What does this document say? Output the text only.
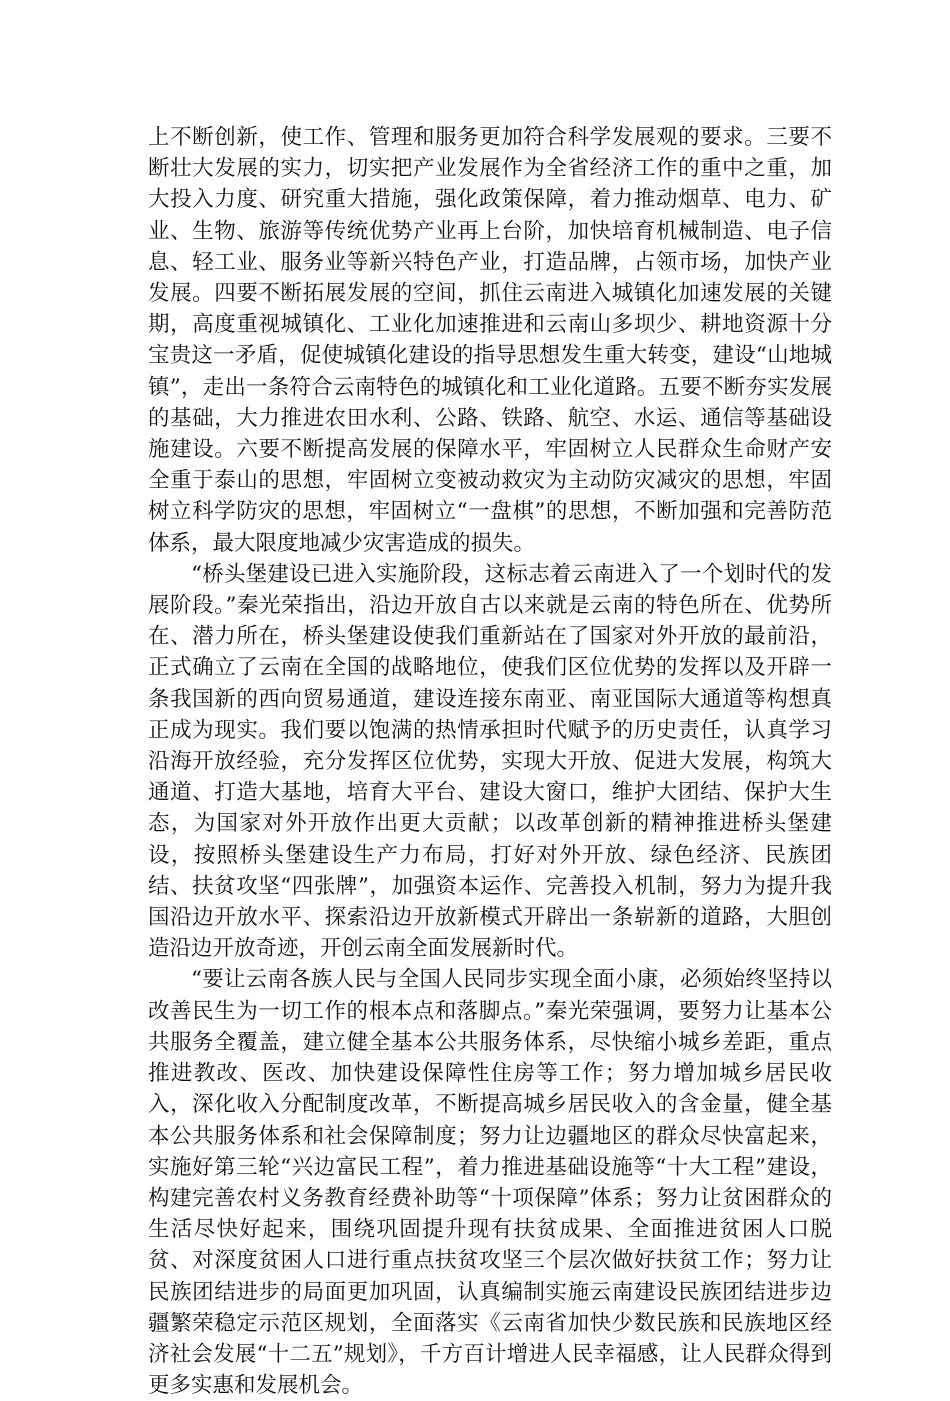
上不断创新，使工作、管理和服务更加符合科学发展观的要求。三要不断壮大发展的实力，切实把产业发展作为全省经济工作的重中之重，加大投入力度、研究重大措施，强化政策保障，着力推动烟草、电力、矿业、生物、旅游等传统优势产业再上台阶，加快培育机械制造、电子信息、轻工业、服务业等新兴特色产业，打造品牌，占领市场，加快产业发展。四要不断拓展发展的空间，抓住云南进入城镇化加速发展的关键期，高度重视城镇化、工业化加速推进和云南山多坝少、耕地资源十分宝贵这一矛盾，促使城镇化建设的指导思想发生重大转变，建设“山地城镇”，走出一条符合云南特色的城镇化和工业化道路。五要不断夯实发展的基础，大力推进农田水利、公路、铁路、航空、水运、通信等基础设施建设。六要不断提高发展的保障水平，牢固树立人民群众生命财产安全重于泰山的思想，牢固树立变被动救灾为主动防灾减灾的思想，牢固树立科学防灾的思想，牢固树立“一盘棋”的思想，不断加强和完善防范体系，最大限度地减少灾害造成的损失。

“桥头堡建设已进入实施阶段，这标志着云南进入了一个划时代的发展阶段。”秦光荣指出，沿边开放自古以来就是云南的特色所在、优势所在、潜力所在，桥头堡建设使我们重新站在了国家对外开放的最前沿，正式确立了云南在全国的战略地位，使我们区位优势的发挥以及开辟一条我国新的西向贸易通道，建设连接东南亚、南亚国际大通道等构想真正成为现实。我们要以饱满的热情承担时代赋予的历史责任，认真学习沿海开放经验，充分发挥区位优势，实现大开放、促进大发展，构筑大通道、打造大基地，培育大平台、建设大窗口，维护大团结、保护大生态，为国家对外开放作出更大贡献；以改革创新的精神推进桥头堡建设，按照桥头堡建设生产力布局，打好对外开放、绿色经济、民族团结、扶贫攻坚“四张牌”，加强资本运作、完善投入机制，努力为提升我国沿边开放水平、探索沿边开放新模式开辟出一条崭新的道路，大胆创造沿边开放奇迹，开创云南全面发展新时代。

“要让云南各族人民与全国人民同步实现全面小康，必须始终坚持以改善民生为一切工作的根本点和落脚点。”秦光荣强调，要努力让基本公共服务全覆盖，建立健全基本公共服务体系，尽快缩小城乡差距，重点推进教改、医改、加快建设保障性住房等工作；努力增加城乡居民收入，深化收入分配制度改革，不断提高城乡居民收入的含金量，健全基本公共服务体系和社会保障制度；努力让边疆地区的群众尽快富起来，实施好第三轮“兴边富民工程”，着力推进基础设施等“十大工程”建设，构建完善农村义务教育经费补助等“十项保障”体系；努力让贫困群众的生活尽快好起来，围绕巩固提升现有扶贫成果、全面推进贫困人口脱贫、对深度贫困人口进行重点扶贫攻坚三个层次做好扶贫工作；努力让民族团结进步的局面更加巩固，认真编制实施云南建设民族团结进步边疆繁荣稳定示范区规划，全面落实《云南省加快少数民族和民族地区经济社会发展“十二五”规划》，千方百计增进人民幸福感，让人民群众得到更多实惠和发展机会。
